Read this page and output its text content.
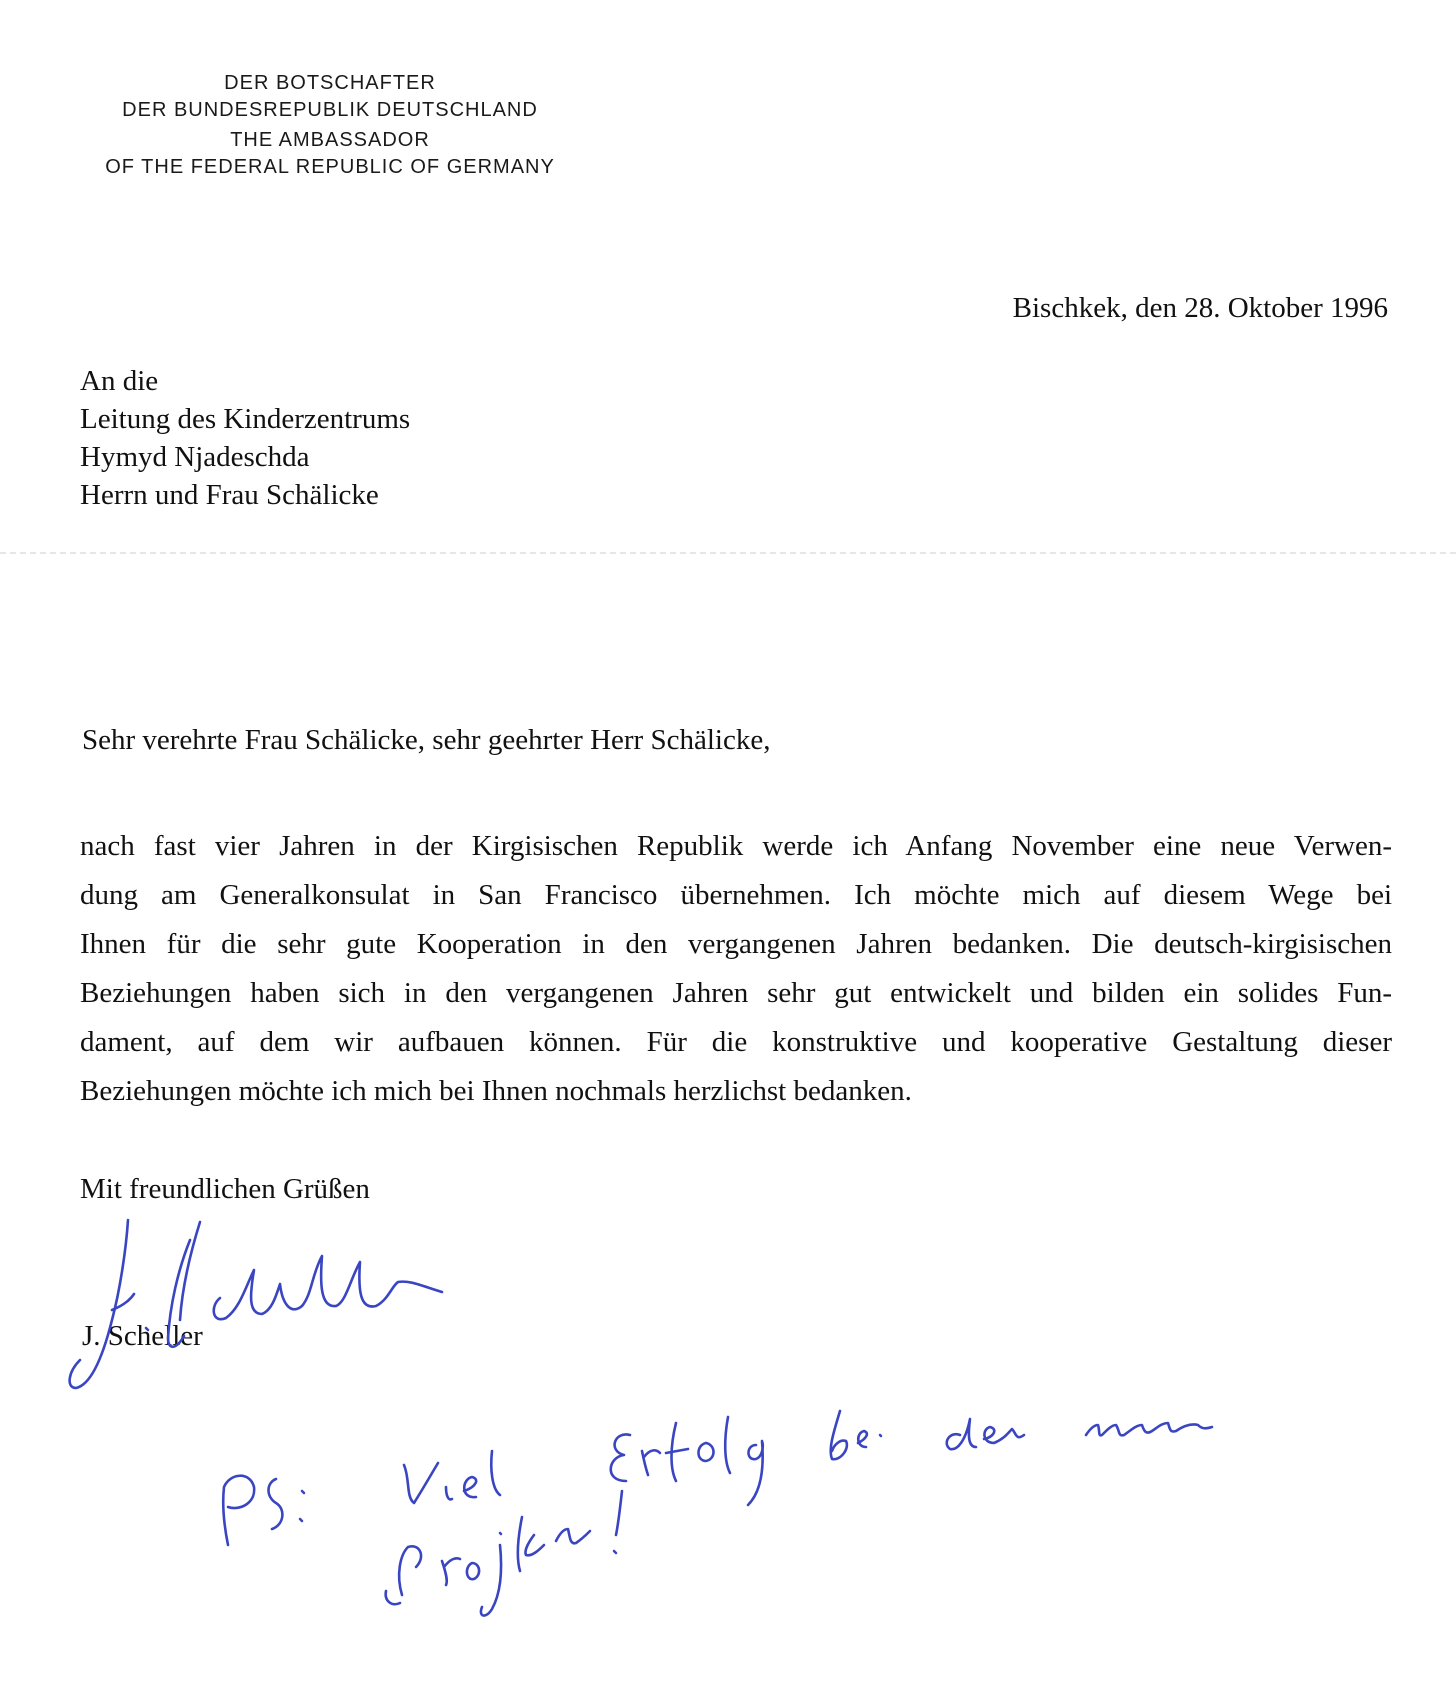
DER BOTSCHAFTER
DER BUNDESREPUBLIK DEUTSCHLAND
THE AMBASSADOR
OF THE FEDERAL REPUBLIC OF GERMANY
Bischkek, den 28. Oktober 1996
An die
Leitung des Kinderzentrums
Hymyd Njadeschda
Herrn und Frau Schälicke
Sehr verehrte Frau Schälicke, sehr geehrter Herr Schälicke,
nach fast vier Jahren in der Kirgisischen Republik werde ich Anfang November eine neue Verwen-
dung am Generalkonsulat in San Francisco übernehmen. Ich möchte mich auf diesem Wege bei
Ihnen für die sehr gute Kooperation in den vergangenen Jahren bedanken. Die deutsch-kirgisischen
Beziehungen haben sich in den vergangenen Jahren sehr gut entwickelt und bilden ein solides Fun-
dament, auf dem wir aufbauen können. Für die konstruktive und kooperative Gestaltung dieser
Beziehungen möchte ich mich bei Ihnen nochmals herzlichst bedanken.
Mit freundlichen Grüßen
J. Scheller
